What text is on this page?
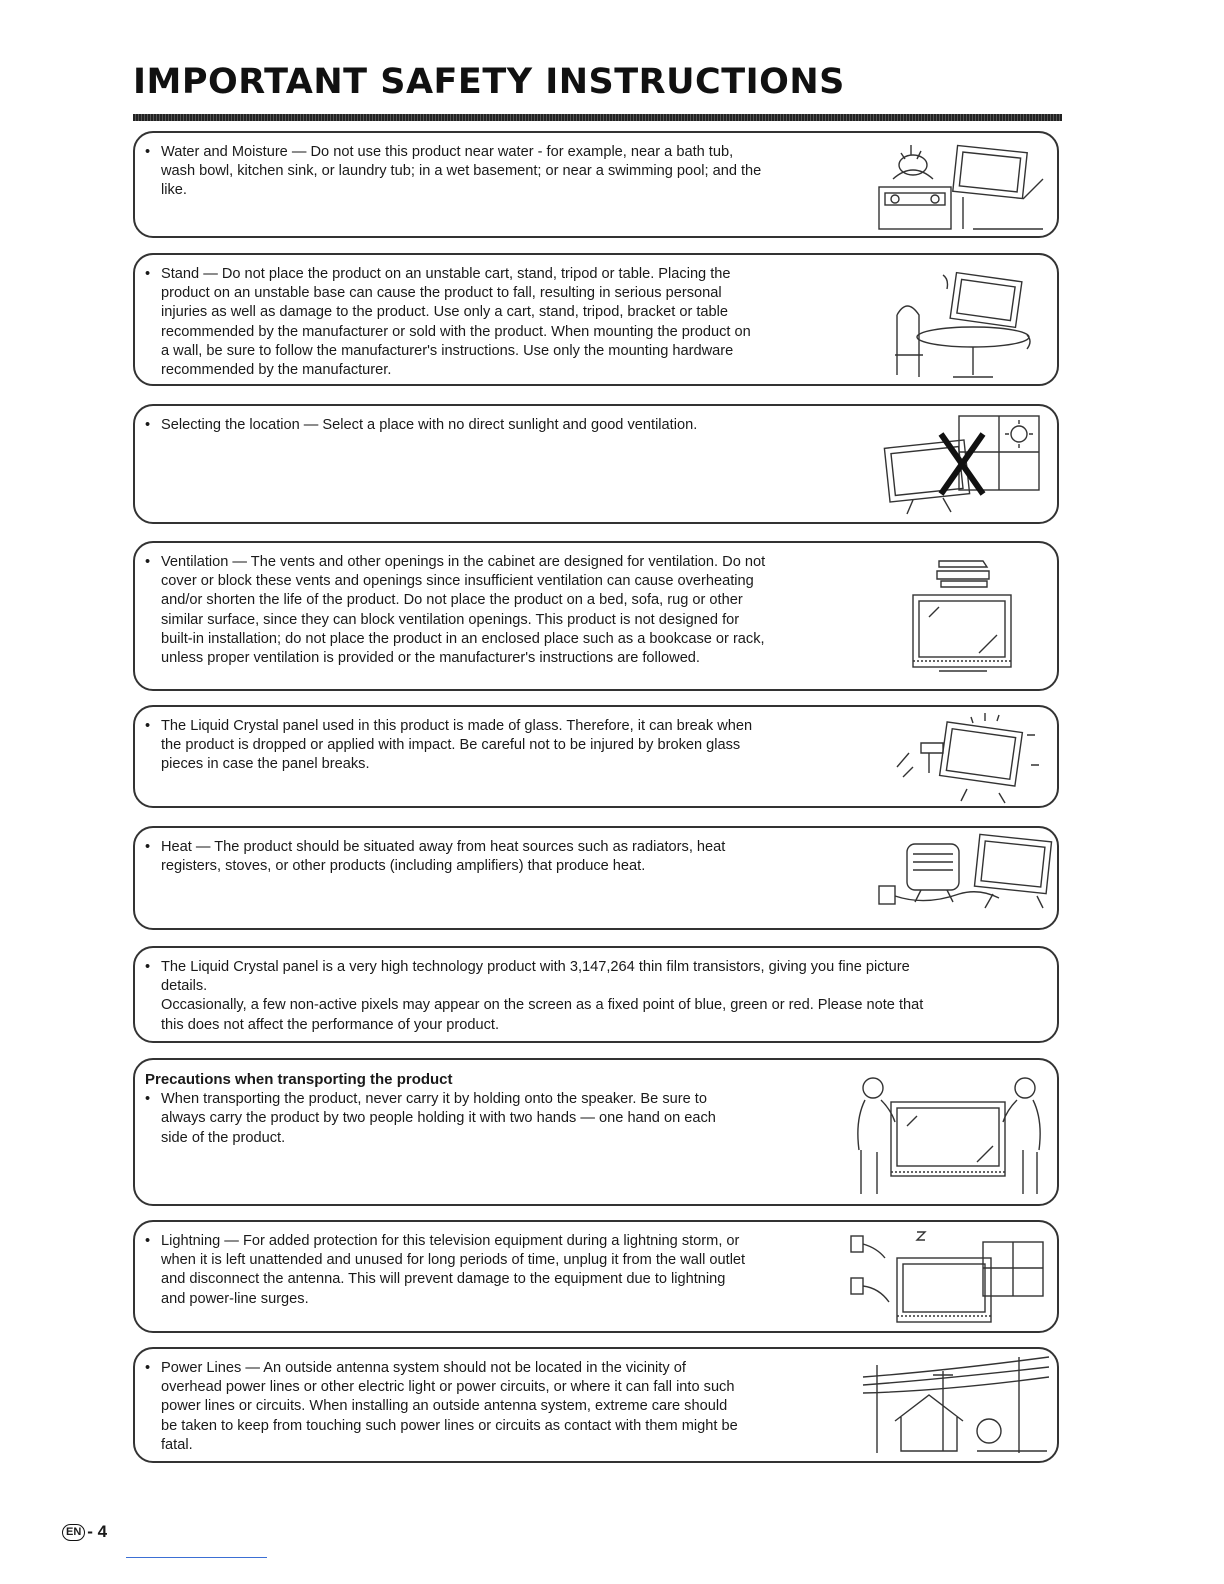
IMPORTANT SAFETY INSTRUCTIONS
• Water and Moisture — Do not use this product near water - for example, near a bath tub,
wash bowl, kitchen sink, or laundry tub; in a wet basement; or near a swimming pool; and the
like.
• Stand — Do not place the product on an unstable cart, stand, tripod or table. Placing the
product on an unstable base can cause the product to fall, resulting in serious personal
injuries as well as damage to the product. Use only a cart, stand, tripod, bracket or table
recommended by the manufacturer or sold with the product. When mounting the product on
a wall, be sure to follow the manufacturer's instructions. Use only the mounting hardware
recommended by the manufacturer.
• Selecting the location — Select a place with no direct sunlight and good ventilation.
• Ventilation — The vents and other openings in the cabinet are designed for ventilation. Do not
cover or block these vents and openings since insufficient ventilation can cause overheating
and/or shorten the life of the product. Do not place the product on a bed, sofa, rug or other
similar surface, since they can block ventilation openings. This product is not designed for
built-in installation; do not place the product in an enclosed place such as a bookcase or rack,
unless proper ventilation is provided or the manufacturer's instructions are followed.
• The Liquid Crystal panel used in this product is made of glass. Therefore, it can break when
the product is dropped or applied with impact. Be careful not to be injured by broken glass
pieces in case the panel breaks.
• Heat — The product should be situated away from heat sources such as radiators, heat
registers, stoves, or other products (including amplifiers) that produce heat.
• The Liquid Crystal panel is a very high technology product with 3,147,264 thin film transistors, giving you fine picture
details.
Occasionally, a few non-active pixels may appear on the screen as a fixed point of blue, green or red. Please note that
this does not affect the performance of your product.
Precautions when transporting the product
• When transporting the product, never carry it by holding onto the speaker. Be sure to
always carry the product by two people holding it with two hands — one hand on each
side of the product.
• Lightning — For added protection for this television equipment during a lightning storm, or
when it is left unattended and unused for long periods of time, unplug it from the wall outlet
and disconnect the antenna. This will prevent damage to the equipment due to lightning
and power-line surges.
• Power Lines — An outside antenna system should not be located in the vicinity of
overhead power lines or other electric light or power circuits, or where it can fall into such
power lines or circuits. When installing an outside antenna system, extreme care should
be taken to keep from touching such power lines or circuits as contact with them might be
fatal.
EN - 4
